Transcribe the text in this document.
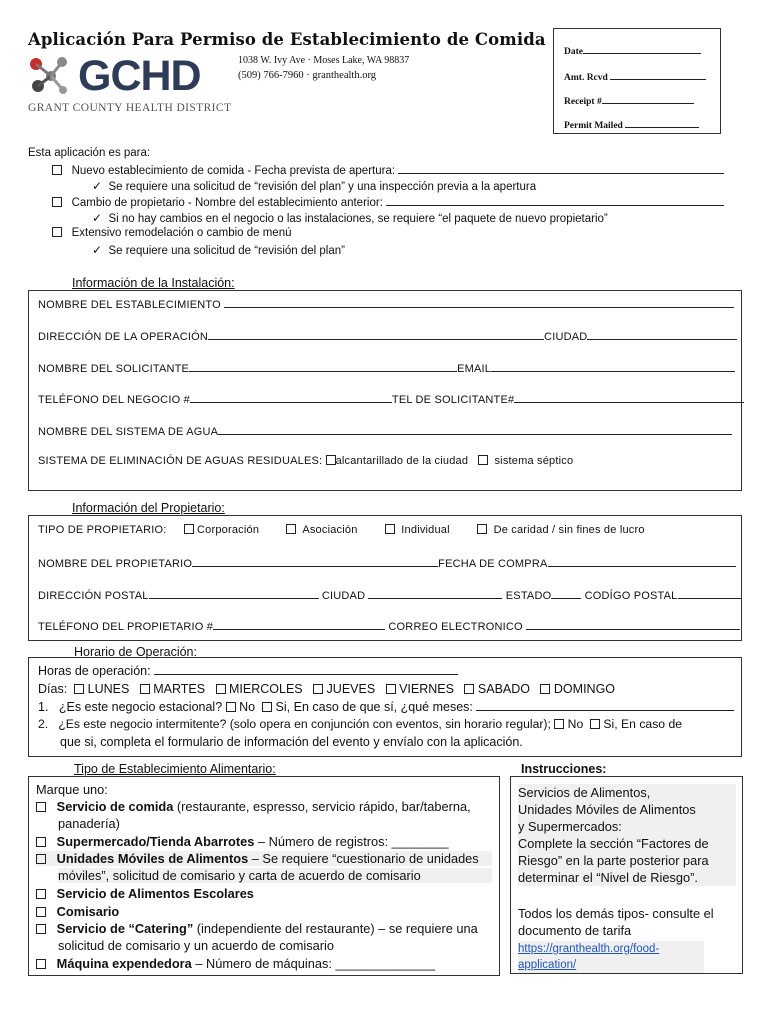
Aplicación Para Permiso de Establecimiento de Comida
GCHD
GRANT COUNTY HEALTH DISTRICT
1038 W. Ivy Ave · Moses Lake, WA 98837
(509) 766-7960 · granthealth.org
Date
Amt. Rcvd
Receipt #
Permit Mailed
Esta aplicación es para:
Nuevo establecimiento de comida - Fecha prevista de apertura:
✓ Se requiere una solicitud de “revisión del plan” y una inspección previa a la apertura
Cambio de propietario - Nombre del establecimiento anterior:
✓ Si no hay cambios en el negocio o las instalaciones, se requiere “el paquete de nuevo propietario”
Extensivo remodelación o cambio de menú
✓ Se requiere una solicitud de “revisión del plan”
Información de la Instalación:
NOMBRE DEL ESTABLECIMIENTO
DIRECCIÓN DE LA OPERACIÓN	CIUDAD
NOMBRE DEL SOLICITANTE	EMAIL
TELÉFONO DEL NEGOCIO #	TEL DE SOLICITANTE#
NOMBRE DEL SISTEMA DE AGUA
SISTEMA DE ELIMINACIÓN DE AGUAS RESIDUALES: alcantarillado de la ciudad sistema séptico
Información del Propietario:
TIPO DE PROPIETARIO:	Corporación	Asociación	Individual	De caridad / sin fines de lucro
NOMBRE DEL PROPIETARIO	FECHA DE COMPRA
DIRECCIÓN POSTAL	CIUDAD	ESTADO	CODÍGO POSTAL
TELÉFONO DEL PROPIETARIO #	CORREO ELECTRONICO
Horario de Operación:
Horas de operación:
Días: LUNES MARTES MIERCOLES JUEVES VIERNES SABADO DOMINGO
1. ¿Es este negocio estacional? No Si, En caso de que sí, ¿qué meses:
2. ¿Es este negocio intermitente? (solo opera en conjunción con eventos, sin horario regular); No Si, En caso de
que si, completa el formulario de información del evento y envíalo con la aplicación.
Tipo de Establecimiento Alimentario:
Marque uno:
Servicio de comida (restaurante, espresso, servicio rápido, bar/taberna,
panadería)
Supermercado/Tienda Abarrotes – Número de registros: ________
Unidades Móviles de Alimentos – Se requiere “cuestionario de unidades
móviles”, solicitud de comisario y carta de acuerdo de comisario
Servicio de Alimentos Escolares
Comisario
Servicio de “Catering” (independiente del restaurante) – se requiere una
solicitud de comisario y un acuerdo de comisario
Máquina expendedora – Número de máquinas: ______________
Instrucciones:
Servicios de Alimentos,
Unidades Móviles de Alimentos
y Supermercados:
Complete la sección “Factores de
Riesgo” en la parte posterior para
determinar el “Nivel de Riesgo”.
Todos los demás tipos- consulte el
documento de tarifa
https://granthealth.org/food-
application/
